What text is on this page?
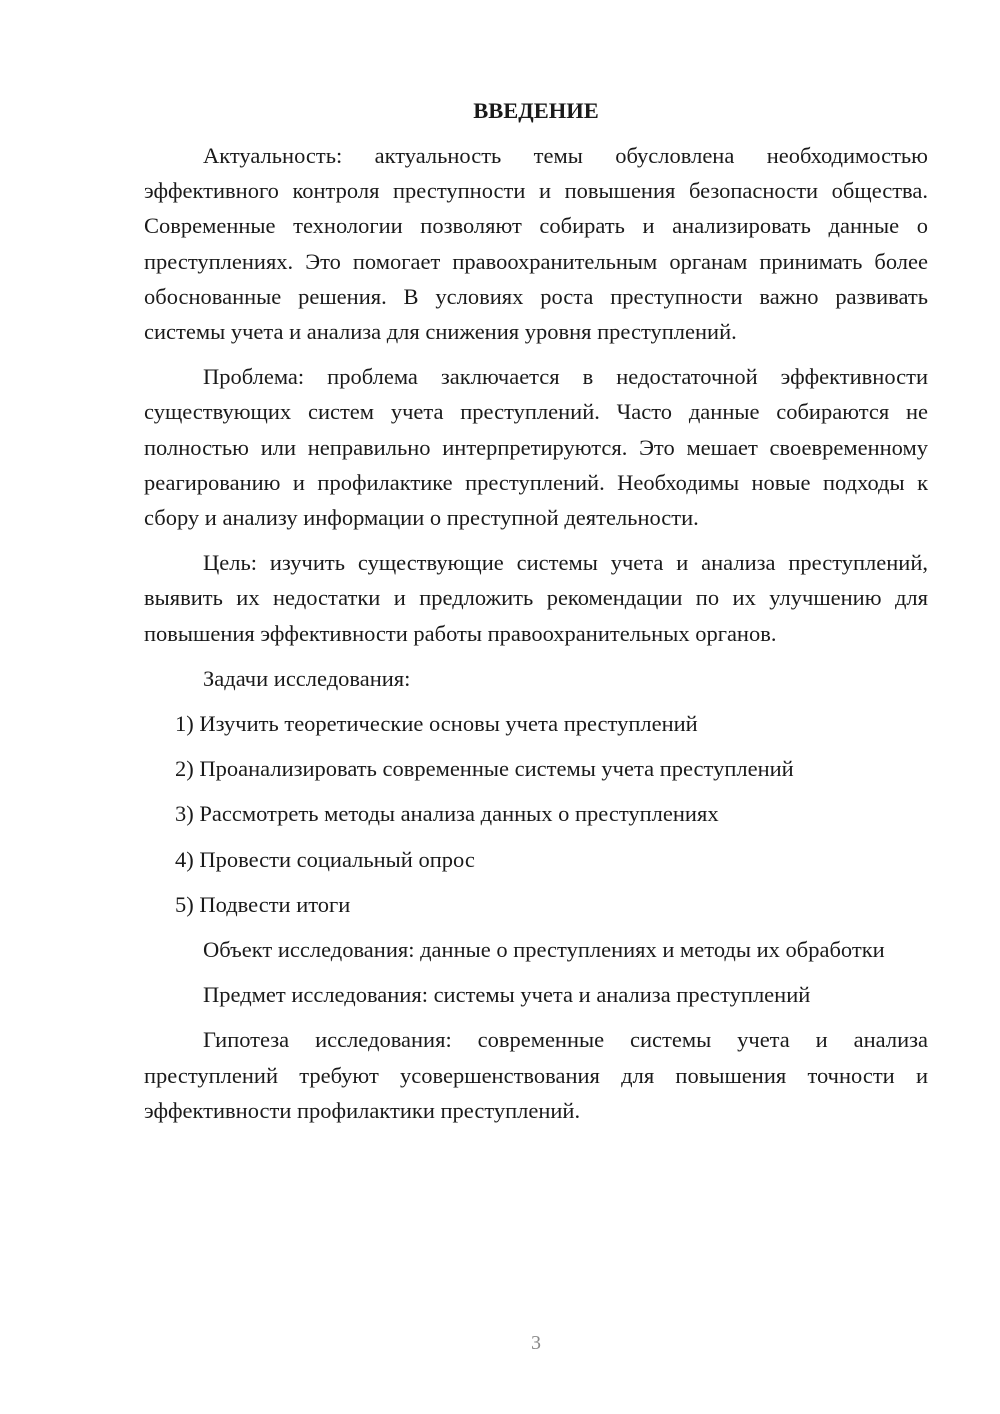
ВВЕДЕНИЕ

Актуальность: актуальность темы обусловлена необходимостью эффективного контроля преступности и повышения безопасности общества. Современные технологии позволяют собирать и анализировать данные о преступлениях. Это помогает правоохранительным органам принимать более обоснованные решения. В условиях роста преступности важно развивать системы учета и анализа для снижения уровня преступлений.

Проблема: проблема заключается в недостаточной эффективности существующих систем учета преступлений. Часто данные собираются не полностью или неправильно интерпретируются. Это мешает своевременному реагированию и профилактике преступлений. Необходимы новые подходы к сбору и анализу информации о преступной деятельности.

Цель: изучить существующие системы учета и анализа преступлений, выявить их недостатки и предложить рекомендации по их улучшению для повышения эффективности работы правоохранительных органов.

Задачи исследования:

1) Изучить теоретические основы учета преступлений
2) Проанализировать современные системы учета преступлений
3) Рассмотреть методы анализа данных о преступлениях
4) Провести социальный опрос
5) Подвести итоги

Объект исследования: данные о преступлениях и методы их обработки

Предмет исследования: системы учета и анализа преступлений

Гипотеза исследования: современные системы учета и анализа преступлений требуют усовершенствования для повышения точности и эффективности профилактики преступлений.

3
